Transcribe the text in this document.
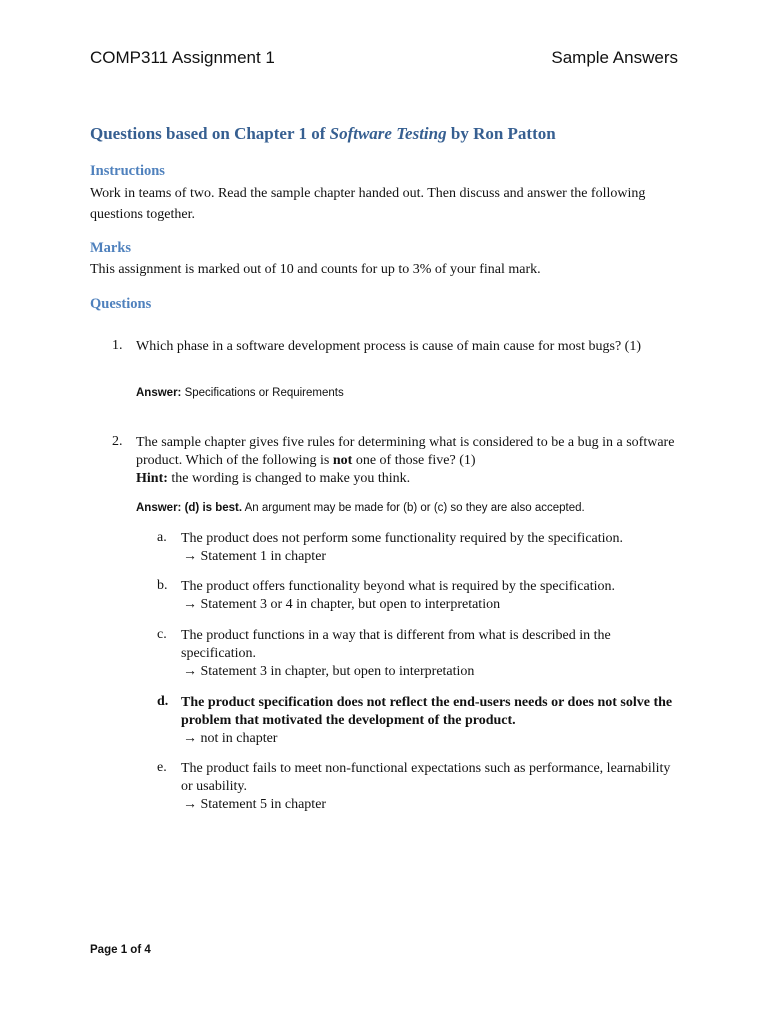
COMP311 Assignment 1	Sample Answers
Questions based on Chapter 1 of Software Testing by Ron Patton
Instructions
Work in teams of two. Read the sample chapter handed out. Then discuss and answer the following questions together.
Marks
This assignment is marked out of 10 and counts for up to 3% of your final mark.
Questions
1. Which phase in a software development process is cause of main cause for most bugs? (1)
Answer: Specifications or Requirements
2. The sample chapter gives five rules for determining what is considered to be a bug in a software product. Which of the following is not one of those five? (1)
Hint: the wording is changed to make you think.
Answer: (d) is best. An argument may be made for (b) or (c) so they are also accepted.
a. The product does not perform some functionality required by the specification.
→ Statement 1 in chapter
b. The product offers functionality beyond what is required by the specification.
→ Statement 3 or 4 in chapter, but open to interpretation
c. The product functions in a way that is different from what is described in the specification.
→ Statement 3 in chapter, but open to interpretation
d. The product specification does not reflect the end-users needs or does not solve the problem that motivated the development of the product.
→ not in chapter
e. The product fails to meet non-functional expectations such as performance, learnability or usability.
→ Statement 5 in chapter
Page 1 of 4
